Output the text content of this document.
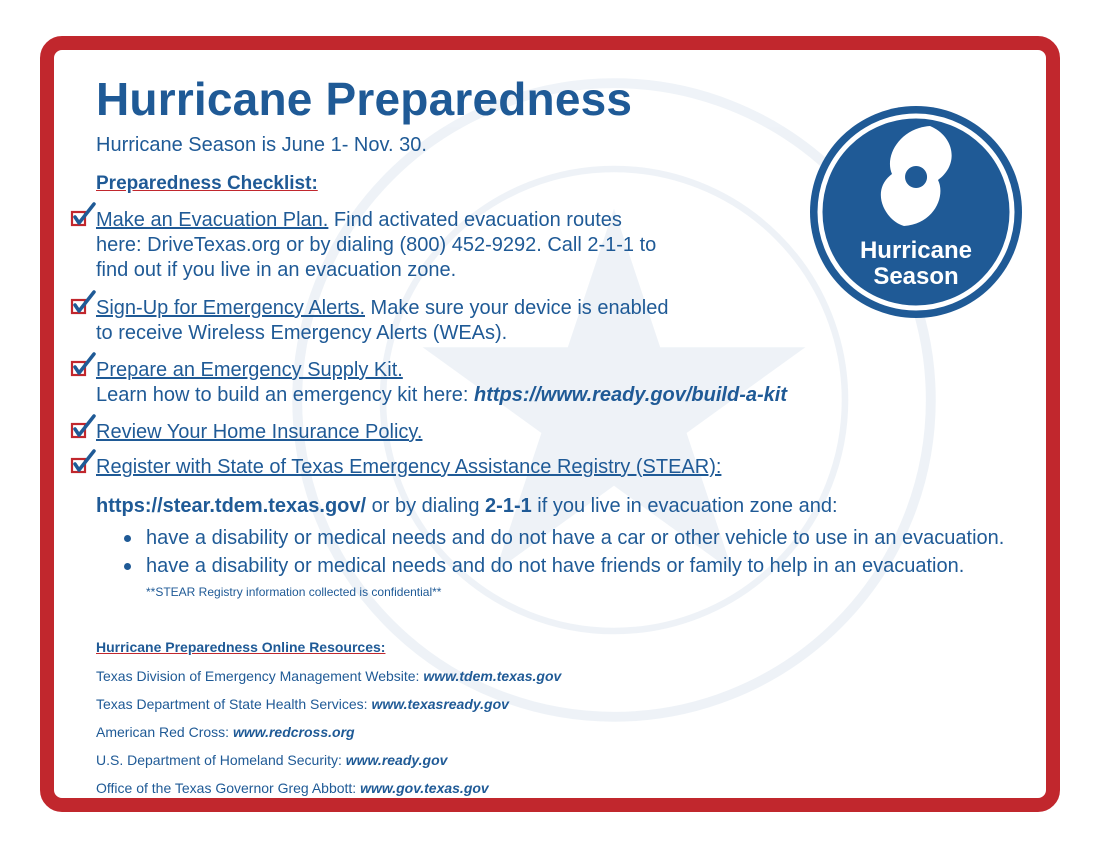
Hurricane Preparedness
Hurricane Season is June 1- Nov. 30.
Preparedness Checklist:
Make an Evacuation Plan. Find activated evacuation routes
here: DriveTexas.org or by dialing (800) 452-9292. Call 2-1-1 to
find out if you live in an evacuation zone.
Sign-Up for Emergency Alerts. Make sure your device is enabled
to receive Wireless Emergency Alerts (WEAs).
Prepare an Emergency Supply Kit.
Learn how to build an emergency kit here: https://www.ready.gov/build-a-kit
Review Your Home Insurance Policy.
Register with State of Texas Emergency Assistance Registry (STEAR):
https://stear.tdem.texas.gov/ or by dialing 2-1-1 if you live in evacuation zone and:
have a disability or medical needs and do not have a car or other vehicle to use in an evacuation.
have a disability or medical needs and do not have friends or family to help in an evacuation. **STEAR Registry information collected is confidential**
Hurricane Preparedness Online Resources:
Texas Division of Emergency Management Website: www.tdem.texas.gov
Texas Department of State Health Services: www.texasready.gov
American Red Cross: www.redcross.org
U.S. Department of Homeland Security: www.ready.gov
Office of the Texas Governor Greg Abbott: www.gov.texas.gov
Hurricane
Season
